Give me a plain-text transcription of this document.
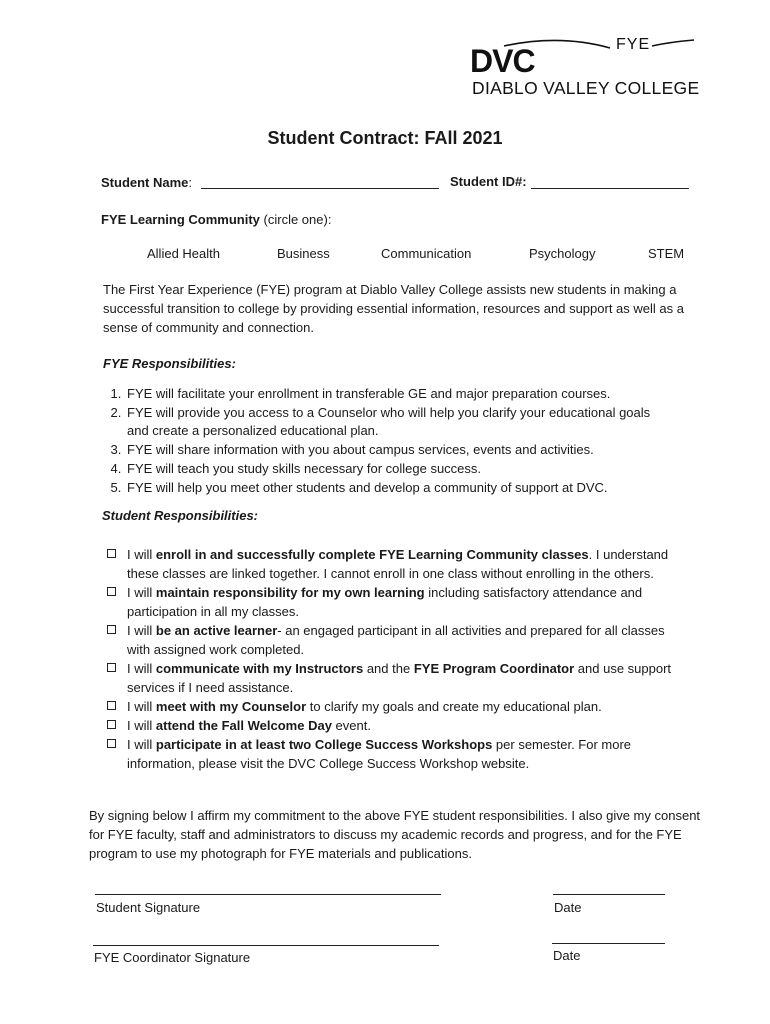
FYE
DVC
DIABLO VALLEY COLLEGE
Student Contract: FAll 2021
Student Name:	Student ID#:
FYE Learning Community (circle one):
Allied Health	Business	Communication	Psychology	STEM
The First Year Experience (FYE) program at Diablo Valley College assists new students in making a successful transition to college by providing essential information, resources and support as well as a sense of community and connection.
FYE Responsibilities:
1. FYE will facilitate your enrollment in transferable GE and major preparation courses.
2. FYE will provide you access to a Counselor who will help you clarify your educational goals and create a personalized educational plan.
3. FYE will share information with you about campus services, events and activities.
4. FYE will teach you study skills necessary for college success.
5. FYE will help you meet other students and develop a community of support at DVC.
Student Responsibilities:
I will enroll in and successfully complete FYE Learning Community classes. I understand these classes are linked together. I cannot enroll in one class without enrolling in the others.
I will maintain responsibility for my own learning including satisfactory attendance and participation in all my classes.
I will be an active learner- an engaged participant in all activities and prepared for all classes with assigned work completed.
I will communicate with my Instructors and the FYE Program Coordinator and use support services if I need assistance.
I will meet with my Counselor to clarify my goals and create my educational plan.
I will attend the Fall Welcome Day event.
I will participate in at least two College Success Workshops per semester. For more information, please visit the DVC College Success Workshop website.
By signing below I affirm my commitment to the above FYE student responsibilities. I also give my consent for FYE faculty, staff and administrators to discuss my academic records and progress, and for the FYE program to use my photograph for FYE materials and publications.
Student Signature	Date
FYE Coordinator Signature	Date
